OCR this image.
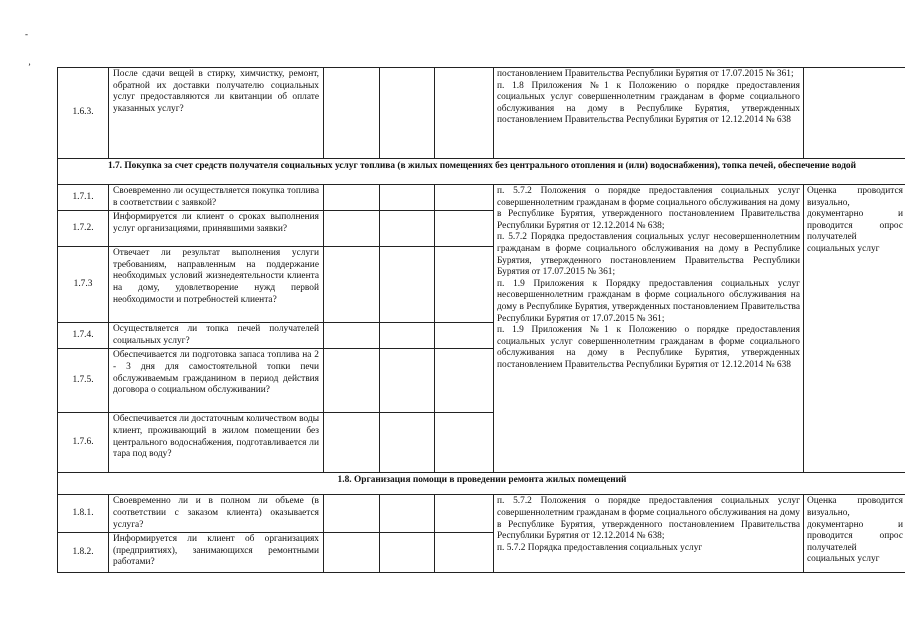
-
ʼ
1.6.3.	После сдачи вещей в стирку, химчистку, ремонт, обратной их доставки получателю социальных услуг предоставляются ли квитанции об оплате указанных услуг?				постановлением Правительства Республики Бурятия от 17.07.2015 № 361;
п. 1.8 Приложения №1 к Положению о порядке предоставления социальных услуг совершеннолетним гражданам в форме социального обслуживания на дому в Республике Бурятия, утвержденных постановлением Правительства Республики Бурятия от 12.12.2014 № 638	

1.7. Покупка за счет средств получателя социальных услуг топлива (в жилых помещениях без центрального отопления и (или) водоснабжения), топка печей, обеспечение водой						
1.7.1.	Своевременно ли осуществляется покупка топлива в соответствии с заявкой?				п. 5.7.2 Положения о порядке предоставления социальных услуг совершеннолетним гражданам в форме социального обслуживания на дому в Республике Бурятия, утвержденного постановлением Правительства Республики Бурятия от 12.12.2014 № 638;
п. 5.7.2 Порядка предоставления социальных услуг несовершеннолетним гражданам в форме социального обслуживания на дому в Республике Бурятия, утвержденного постановлением Правительства Республики Бурятия от 17.07.2015 № 361;
п. 1.9 Приложения к Порядку предоставления социальных услуг несовершеннолетним гражданам в форме социального обслуживания на дому в Республике Бурятия, утвержденных постановлением Правительства Республики Бурятия от 17.07.2015 № 361;
п. 1.9 Приложения №1 к Положению о порядке предоставления социальных услуг совершеннолетним гражданам в форме социального обслуживания на дому в Республике Бурятия, утвержденных постановлением Правительства Республики Бурятия от 12.12.2014 № 638	Оценка проводится визуально, документарно и проводится опрос получателей социальных услуг
1.7.2.	Информируется ли клиент о сроках выполнения услуг организациями, принявшими заявки?					
1.7.3	Отвечает ли результат выполнения услуги требованиям, направленным на поддержание необходимых условий жизнедеятельности клиента на дому, удовлетворение нужд первой необходимости и потребностей клиента?					
1.7.4.	Осуществляется ли топка печей получателей социальных услуг?					
1.7.5.	Обеспечивается ли подготовка запаса топлива на 2 - 3 дня для самостоятельной топки печи обслуживаемым гражданином в период действия договора о социальном обслуживании?					
1.7.6.	Обеспечивается ли достаточным количеством воды клиент, проживающий в жилом помещении без центрального водоснабжения, подготавливается ли тара под воду?					
1.8. Организация помощи в проведении ремонта жилых помещений						
1.8.1.	Своевременно ли и в полном ли объеме (в соответствии с заказом клиента) оказывается услуга?				п. 5.7.2 Положения о порядке предоставления социальных услуг совершеннолетним гражданам в форме социального обслуживания на дому в Республике Бурятия, утвержденного постановлением Правительства Республики Бурятия от 12.12.2014 № 638;
п. 5.7.2 Порядка предоставления социальных услуг	Оценка проводится визуально, документарно и проводится опрос получателей социальных услуг
1.8.2.	Информируется ли клиент об организациях (предприятиях), занимающихся ремонтными работами?					
